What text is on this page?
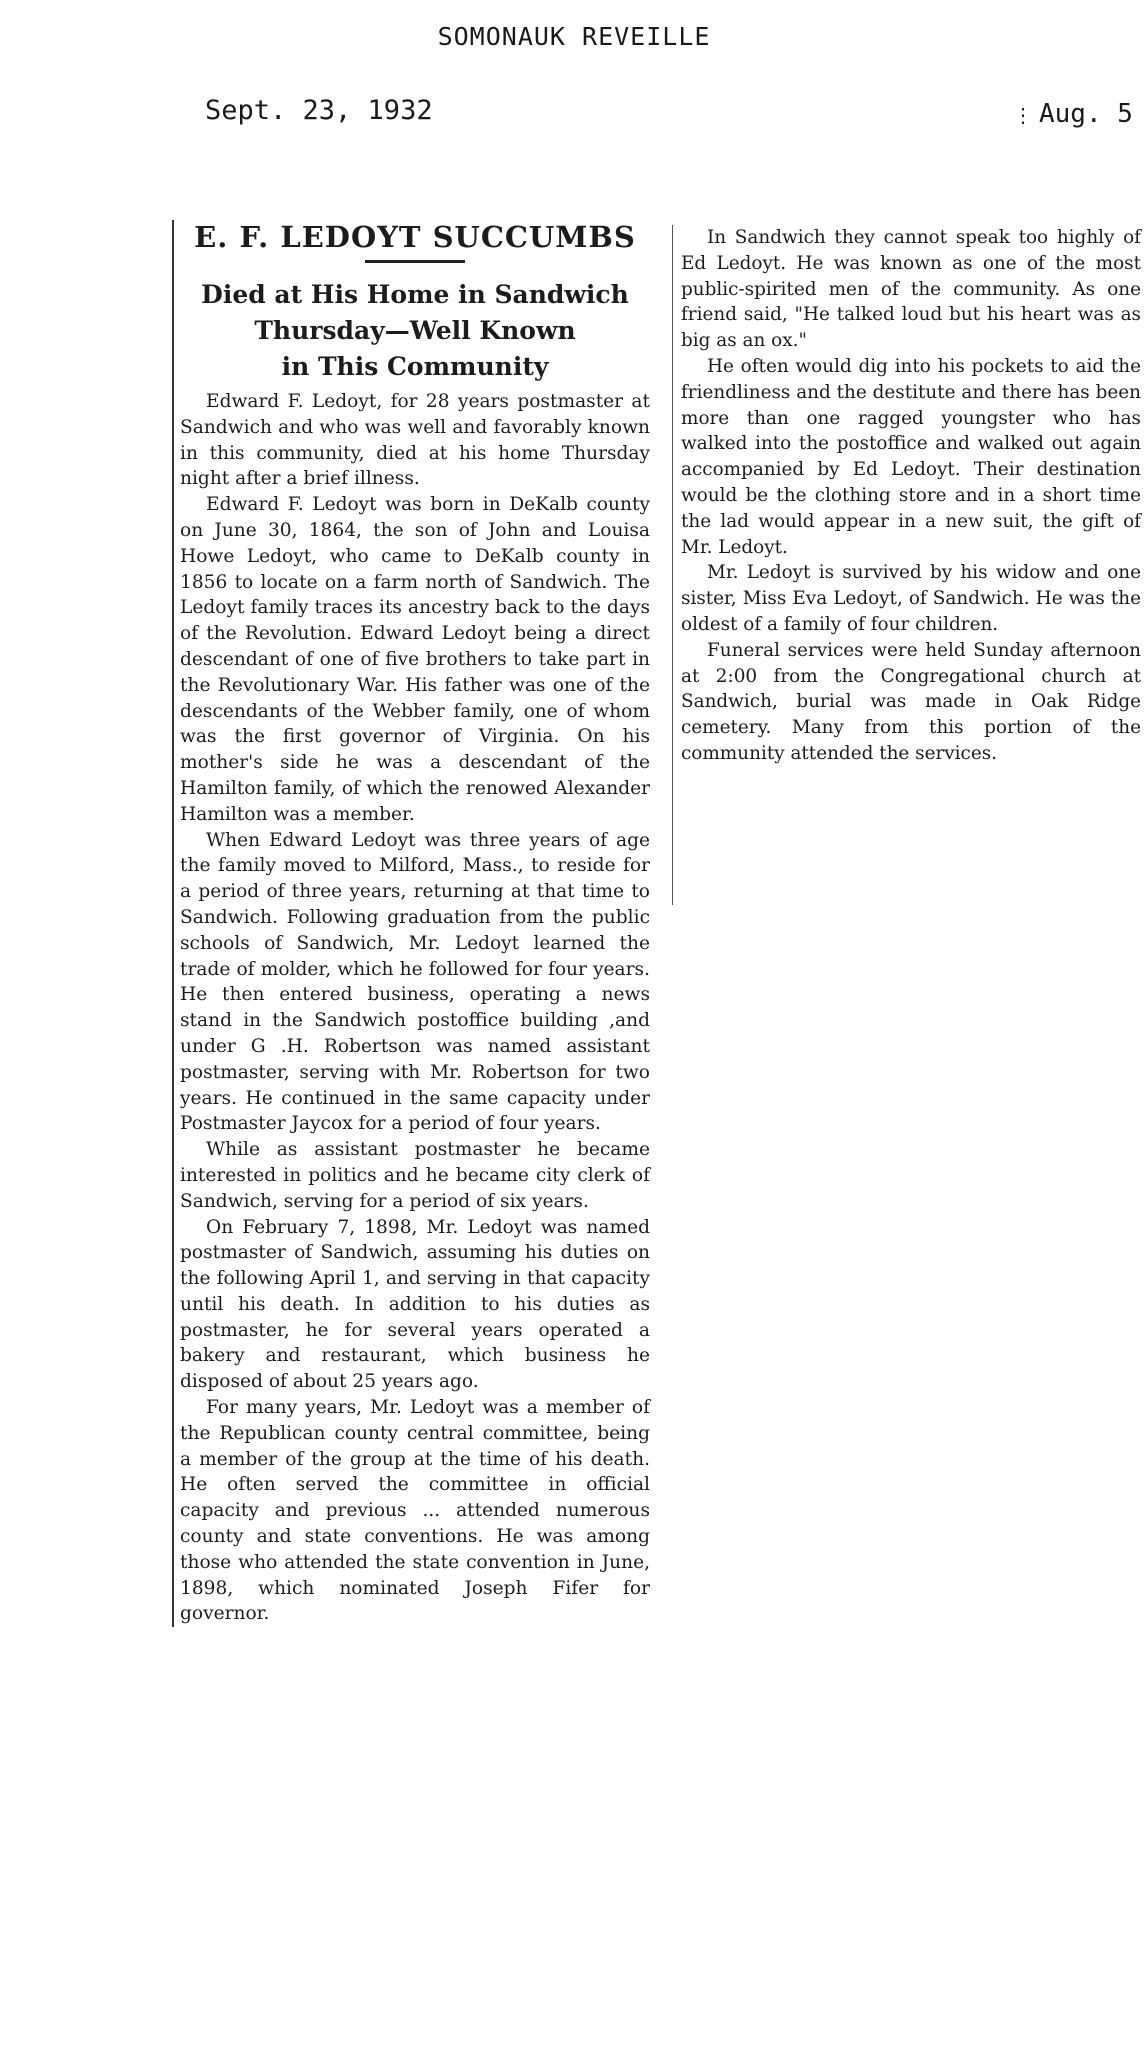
SOMONAUK REVEILLE
Sept. 23, 1932	⋮ Aug. 5
E. F. LEDOYT SUCCUMBS
Died at His Home in Sandwich
Thursday—Well Known
in This Community

Edward F. Ledoyt, for 28 years postmaster at Sandwich and who was well and favorably known in this community, died at his home Thursday night after a brief illness.

Edward F. Ledoyt was born in DeKalb county on June 30, 1864, the son of John and Louisa Howe Ledoyt, who came to DeKalb county in 1856 to locate on a farm north of Sandwich. The Ledoyt family traces its ancestry back to the days of the Revolution. Edward Ledoyt being a direct descendant of one of five brothers to take part in the Revolutionary War. His father was one of the descendants of the Webber family, one of whom was the first governor of Virginia. On his mother's side he was a descendant of the Hamilton family, of which the renowed Alexander Hamilton was a member.

When Edward Ledoyt was three years of age the family moved to Milford, Mass., to reside for a period of three years, returning at that time to Sandwich. Following graduation from the public schools of Sandwich, Mr. Ledoyt learned the trade of molder, which he followed for four years. He then entered business, operating a news stand in the Sandwich postoffice building ,and under G .H. Robertson was named assistant postmaster, serving with Mr. Robertson for two years. He continued in the same capacity under Postmaster Jaycox for a period of four years.

While as assistant postmaster he became interested in politics and he became city clerk of Sandwich, serving for a period of six years.

On February 7, 1898, Mr. Ledoyt was named postmaster of Sandwich, assuming his duties on the following April 1, and serving in that capacity until his death. In addition to his duties as postmaster, he for several years operated a bakery and restaurant, which business he disposed of about 25 years ago.

For many years, Mr. Ledoyt was a member of the Republican county central committee, being a member of the group at the time of his death. He often served the committee in official capacity and previous ... attended numerous county and state conventions. He was among those who attended the state convention in June, 1898, which nominated Joseph Fifer for governor.

In Sandwich they cannot speak too highly of Ed Ledoyt. He was known as one of the most public-spirited men of the community. As one friend said, "He talked loud but his heart was as big as an ox."

He often would dig into his pockets to aid the friendliness and the destitute and there has been more than one ragged youngster who has walked into the postoffice and walked out again accompanied by Ed Ledoyt. Their destination would be the clothing store and in a short time the lad would appear in a new suit, the gift of Mr. Ledoyt.

Mr. Ledoyt is survived by his widow and one sister, Miss Eva Ledoyt, of Sandwich. He was the oldest of a family of four children.

Funeral services were held Sunday afternoon at 2:00 from the Congregational church at Sandwich, burial was made in Oak Ridge cemetery. Many from this portion of the community attended the services.
